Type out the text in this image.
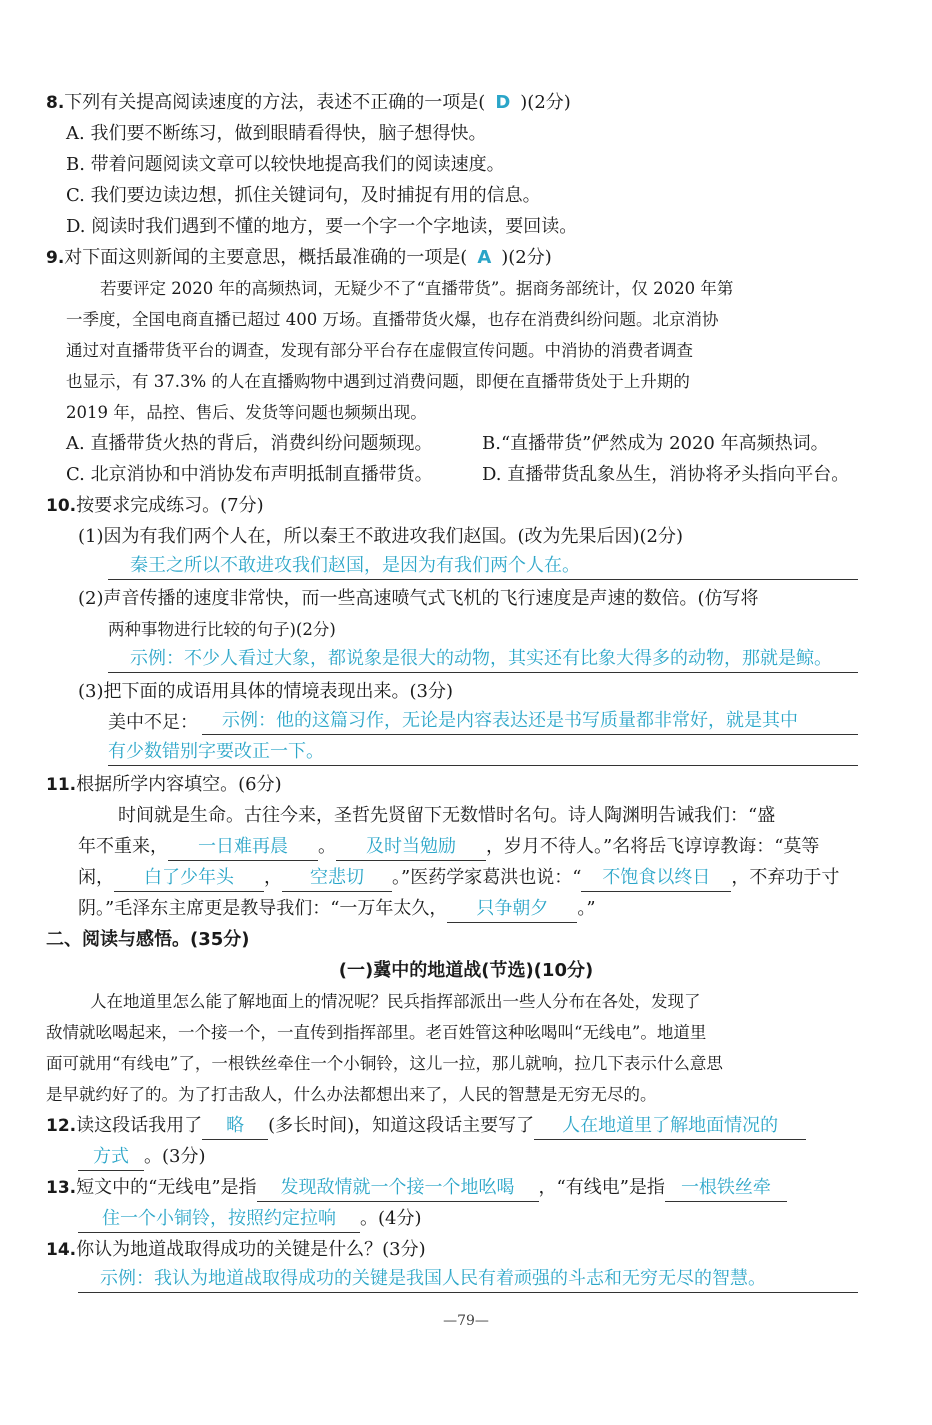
8.下列有关提高阅读速度的方法，表述不正确的一项是( D )(2分)
A. 我们要不断练习，做到眼睛看得快，脑子想得快。
B. 带着问题阅读文章可以较快地提高我们的阅读速度。
C. 我们要边读边想，抓住关键词句，及时捕捉有用的信息。
D. 阅读时我们遇到不懂的地方，要一个字一个字地读，要回读。
9.对下面这则新闻的主要意思，概括最准确的一项是( A )(2分)
若要评定 2020 年的高频热词，无疑少不了“直播带货”。据商务部统计，仅 2020 年第
一季度，全国电商直播已超过 400 万场。直播带货火爆，也存在消费纠纷问题。北京消协
通过对直播带货平台的调查，发现有部分平台存在虚假宣传问题。中消协的消费者调查
也显示，有 37.3% 的人在直播购物中遇到过消费问题，即便在直播带货处于上升期的
2019 年，品控、售后、发货等问题也频频出现。
A. 直播带货火热的背后，消费纠纷问题频现。	B.“直播带货”俨然成为 2020 年高频热词。
C. 北京消协和中消协发布声明抵制直播带货。	D. 直播带货乱象丛生，消协将矛头指向平台。
10.按要求完成练习。(7分)
(1)因为有我们两个人在，所以秦王不敢进攻我们赵国。(改为先果后因)(2分)
秦王之所以不敢进攻我们赵国，是因为有我们两个人在。
(2)声音传播的速度非常快，而一些高速喷气式飞机的飞行速度是声速的数倍。(仿写将
两种事物进行比较的句子)(2分)
示例：不少人看过大象，都说象是很大的动物，其实还有比象大得多的动物，那就是鲸。
(3)把下面的成语用具体的情境表现出来。(3分)
美中不足：	示例：他的这篇习作，无论是内容表达还是书写质量都非常好，就是其中
有少数错别字要改正一下。
11.根据所学内容填空。(6分)
时间就是生命。古往今来，圣哲先贤留下无数惜时名句。诗人陶渊明告诫我们：“盛
年不重来， 一日难再晨 。 及时当勉励 ，岁月不待人。”名将岳飞谆谆教诲：“莫等
闲， 白了少年头 ， 空悲切 。”医药学家葛洪也说：“ 不饱食以终日 ，不弃功于寸
阴。”毛泽东主席更是教导我们：“一万年太久， 只争朝夕 。”
二、阅读与感悟。(35分)
(一)冀中的地道战(节选)(10分)
人在地道里怎么能了解地面上的情况呢？民兵指挥部派出一些人分布在各处，发现了
敌情就吆喝起来，一个接一个，一直传到指挥部里。老百姓管这种吆喝叫“无线电”。地道里
面可就用“有线电”了，一根铁丝牵住一个小铜铃，这儿一拉，那儿就响，拉几下表示什么意思
是早就约好了的。为了打击敌人，什么办法都想出来了，人民的智慧是无穷无尽的。
12.读这段话我用了 略 (多长时间)，知道这段话主要写了 人在地道里了解地面情况的
方式 。(3分)
13.短文中的“无线电”是指 发现敌情就一个接一个地吆喝 ，“有线电”是指 一根铁丝牵
住一个小铜铃，按照约定拉响 。(4分)
14.你认为地道战取得成功的关键是什么？(3分)
示例：我认为地道战取得成功的关键是我国人民有着顽强的斗志和无穷无尽的智慧。
—79—
